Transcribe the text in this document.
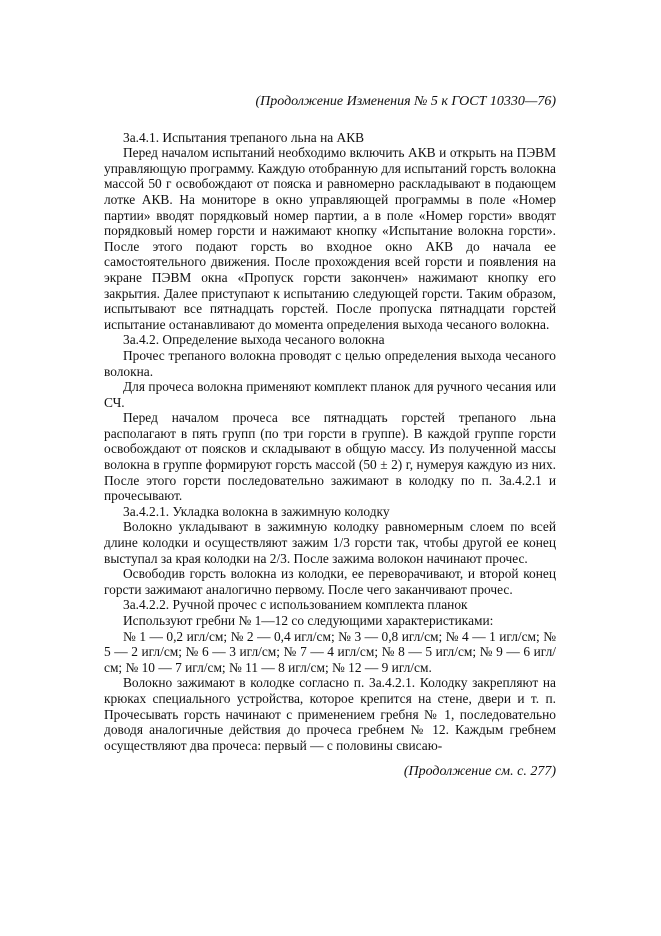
(Продолжение Изменения № 5 к ГОСТ 10330—76)

3а.4.1. Испытания трепаного льна на АКВ

Перед началом испытаний необходимо включить АКВ и открыть на ПЭВМ управляющую программу. Каждую отобранную для испытаний горсть волокна массой 50 г освобождают от пояска и равномерно раскладывают в подающем лотке АКВ. На мониторе в окно управляющей программы в поле «Номер партии» вводят порядковый номер партии, а в поле «Номер горсти» вводят порядковый номер горсти и нажимают кнопку «Испытание волокна горсти». После этого подают горсть во входное окно АКВ до начала ее самостоятельного движения. После прохождения всей горсти и появления на экране ПЭВМ окна «Пропуск горсти закончен» нажимают кнопку его закрытия. Далее приступают к испытанию следующей горсти. Таким образом, испытывают все пятнадцать горстей. После пропуска пятнадцати горстей испытание останавливают до момента определения выхода чесаного волокна.

3а.4.2. Определение выхода чесаного волокна

Прочес трепаного волокна проводят с целью определения выхода чесаного волокна.

Для прочеса волокна применяют комплект планок для ручного чесания или СЧ.

Перед началом прочеса все пятнадцать горстей трепаного льна располагают в пять групп (по три горсти в группе). В каждой группе горсти освобождают от поясков и складывают в общую массу. Из полученной массы волокна в группе формируют горсть массой (50 ± 2) г, нумеруя каждую из них. После этого горсти последовательно зажимают в колодку по п. 3а.4.2.1 и прочесывают.

3а.4.2.1. Укладка волокна в зажимную колодку

Волокно укладывают в зажимную колодку равномерным слоем по всей длине колодки и осуществляют зажим 1/3 горсти так, чтобы другой ее конец выступал за края колодки на 2/3. После зажима волокон начинают прочес.

Освободив горсть волокна из колодки, ее переворачивают, и второй конец горсти зажимают аналогично первому. После чего заканчивают прочес.

3а.4.2.2. Ручной прочес с использованием комплекта планок

Используют гребни № 1—12 со следующими характеристиками:

№ 1 — 0,2 игл/см; № 2 — 0,4 игл/см; № 3 — 0,8 игл/см; № 4 — 1 игл/см; № 5 — 2 игл/см; № 6 — 3 игл/см; № 7 — 4 игл/см; № 8 — 5 игл/см; № 9 — 6 игл/см; № 10 — 7 игл/см; № 11 — 8 игл/см; № 12 — 9 игл/см.

Волокно зажимают в колодке согласно п. 3а.4.2.1. Колодку закрепляют на крюках специального устройства, которое крепится на стене, двери и т. п. Прочесывать горсть начинают с применением гребня № 1, последовательно доводя аналогичные действия до прочеса гребнем № 12. Каждым гребнем осуществляют два прочеса: первый — с половины свисаю-

(Продолжение см. с. 277)
